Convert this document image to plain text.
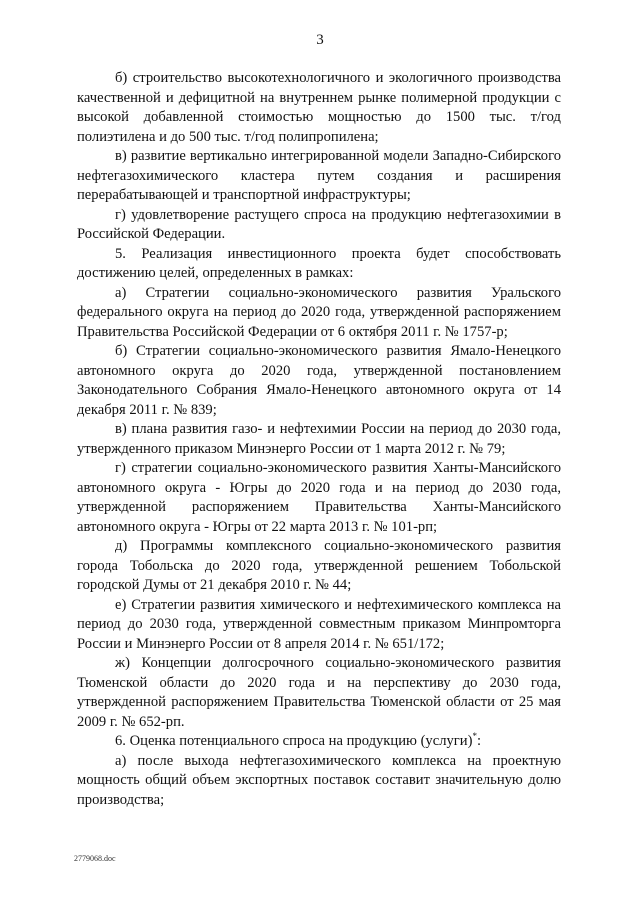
3

б) строительство высокотехнологичного и экологичного производства качественной и дефицитной на внутреннем рынке полимерной продукции с высокой добавленной стоимостью мощностью до 1500 тыс. т/год полиэтилена и до 500 тыс. т/год полипропилена;

в) развитие вертикально интегрированной модели Западно-Сибирского нефтегазохимического кластера путем создания и расширения перерабатывающей и транспортной инфраструктуры;

г) удовлетворение растущего спроса на продукцию нефтегазохимии в Российской Федерации.

5. Реализация инвестиционного проекта будет способствовать достижению целей, определенных в рамках:

а) Стратегии социально-экономического развития Уральского федерального округа на период до 2020 года, утвержденной распоряжением Правительства Российской Федерации от 6 октября 2011 г. № 1757-р;

б) Стратегии социально-экономического развития Ямало-Ненецкого автономного округа до 2020 года, утвержденной постановлением Законодательного Собрания Ямало-Ненецкого автономного округа от 14 декабря 2011 г. № 839;

в) плана развития газо- и нефтехимии России на период до 2030 года, утвержденного приказом Минэнерго России от 1 марта 2012 г. № 79;

г) стратегии социально-экономического развития Ханты-Мансийского автономного округа - Югры до 2020 года и на период до 2030 года, утвержденной распоряжением Правительства Ханты-Мансийского автономного округа - Югры от 22 марта 2013 г. № 101-рп;

д) Программы комплексного социально-экономического развития города Тобольска до 2020 года, утвержденной решением Тобольской городской Думы от 21 декабря 2010 г. № 44;

е) Стратегии развития химического и нефтехимического комплекса на период до 2030 года, утвержденной совместным приказом Минпромторга России и Минэнерго России от 8 апреля 2014 г. № 651/172;

ж) Концепции долгосрочного социально-экономического развития Тюменской области до 2020 года и на перспективу до 2030 года, утвержденной распоряжением Правительства Тюменской области от 25 мая 2009 г. № 652-рп.

6. Оценка потенциального спроса на продукцию (услуги)*:

а) после выхода нефтегазохимического комплекса на проектную мощность общий объем экспортных поставок составит значительную долю производства;

2779068.doc
